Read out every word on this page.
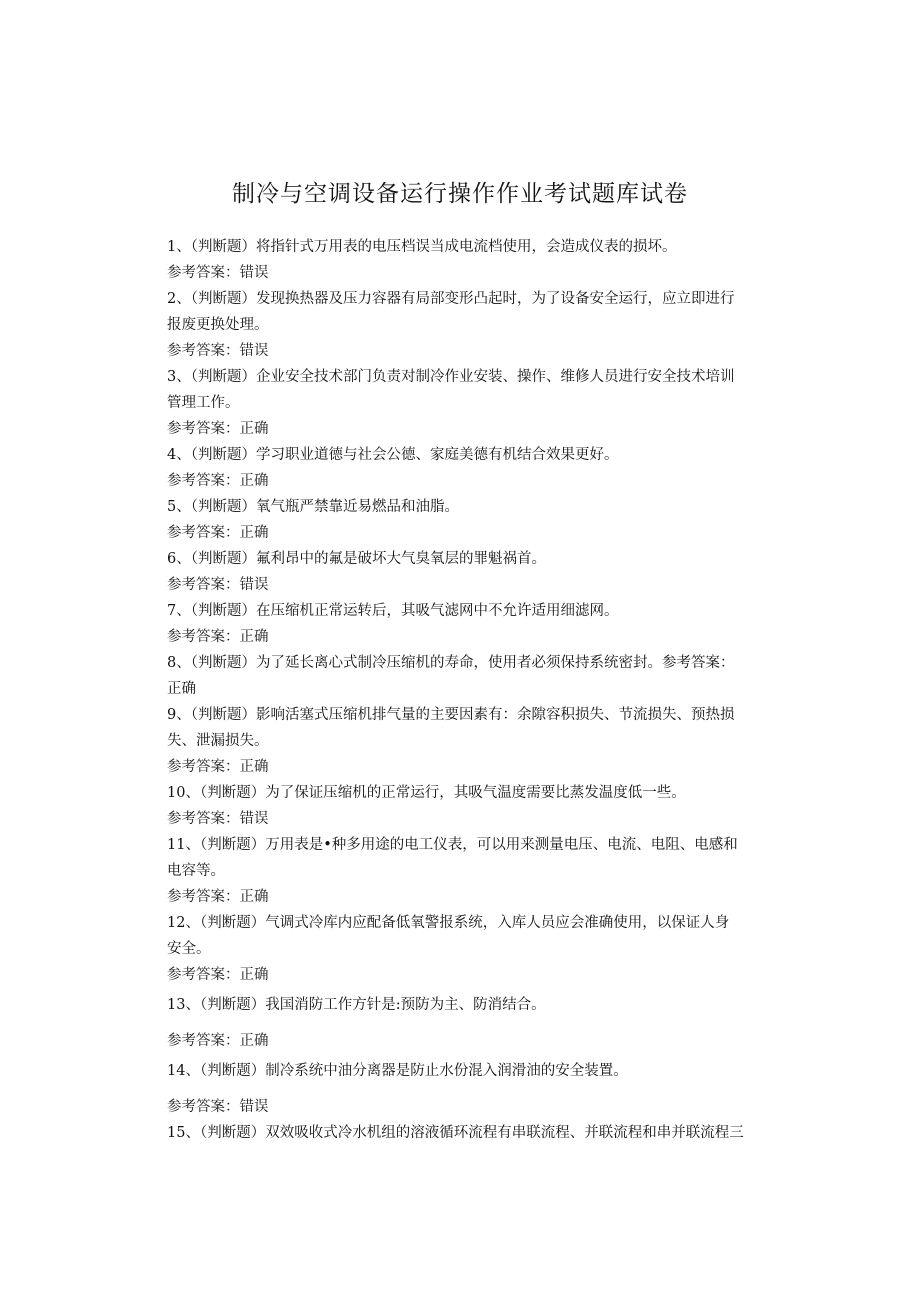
制冷与空调设备运行操作作业考试题库试卷

1、（判断题）将指针式万用表的电压档误当成电流档使用，会造成仪表的损坏。

参考答案：错误

2、（判断题）发现换热器及压力容器有局部变形凸起时，为了设备安全运行，应立即进行

报废更换处理。

参考答案：错误

3、（判断题）企业安全技术部门负责对制冷作业安装、操作、维修人员进行安全技术培训

管理工作。

参考答案：正确

4、（判断题）学习职业道德与社会公德、家庭美德有机结合效果更好。

参考答案：正确

5、（判断题）氧气瓶严禁靠近易燃品和油脂。

参考答案：正确

6、（判断题）氟利昂中的氟是破坏大气臭氧层的罪魁祸首。

参考答案：错误

7、（判断题）在压缩机正常运转后，其吸气滤网中不允许适用细滤网。

参考答案：正确

8、（判断题）为了延长离心式制冷压缩机的寿命，使用者必须保持系统密封。参考答案：

正确

9、（判断题）影响活塞式压缩机排气量的主要因素有：余隙容积损失、节流损失、预热损

失、泄漏损失。

参考答案：正确

10、（判断题）为了保证压缩机的正常运行，其吸气温度需要比蒸发温度低一些。

参考答案：错误

11、（判断题）万用表是•种多用途的电工仪表，可以用来测量电压、电流、电阻、电感和

电容等。

参考答案：正确

12、（判断题）气调式冷库内应配备低氧警报系统，入库人员应会准确使用，以保证人身

安全。

参考答案：正确

13、（判断题）我国消防工作方针是:预防为主、防消结合。

参考答案：正确

14、（判断题）制冷系统中油分离器是防止水份混入润滑油的安全装置。

参考答案：错误

15、（判断题）双效吸收式冷水机组的溶液循环流程有串联流程、并联流程和串并联流程三
